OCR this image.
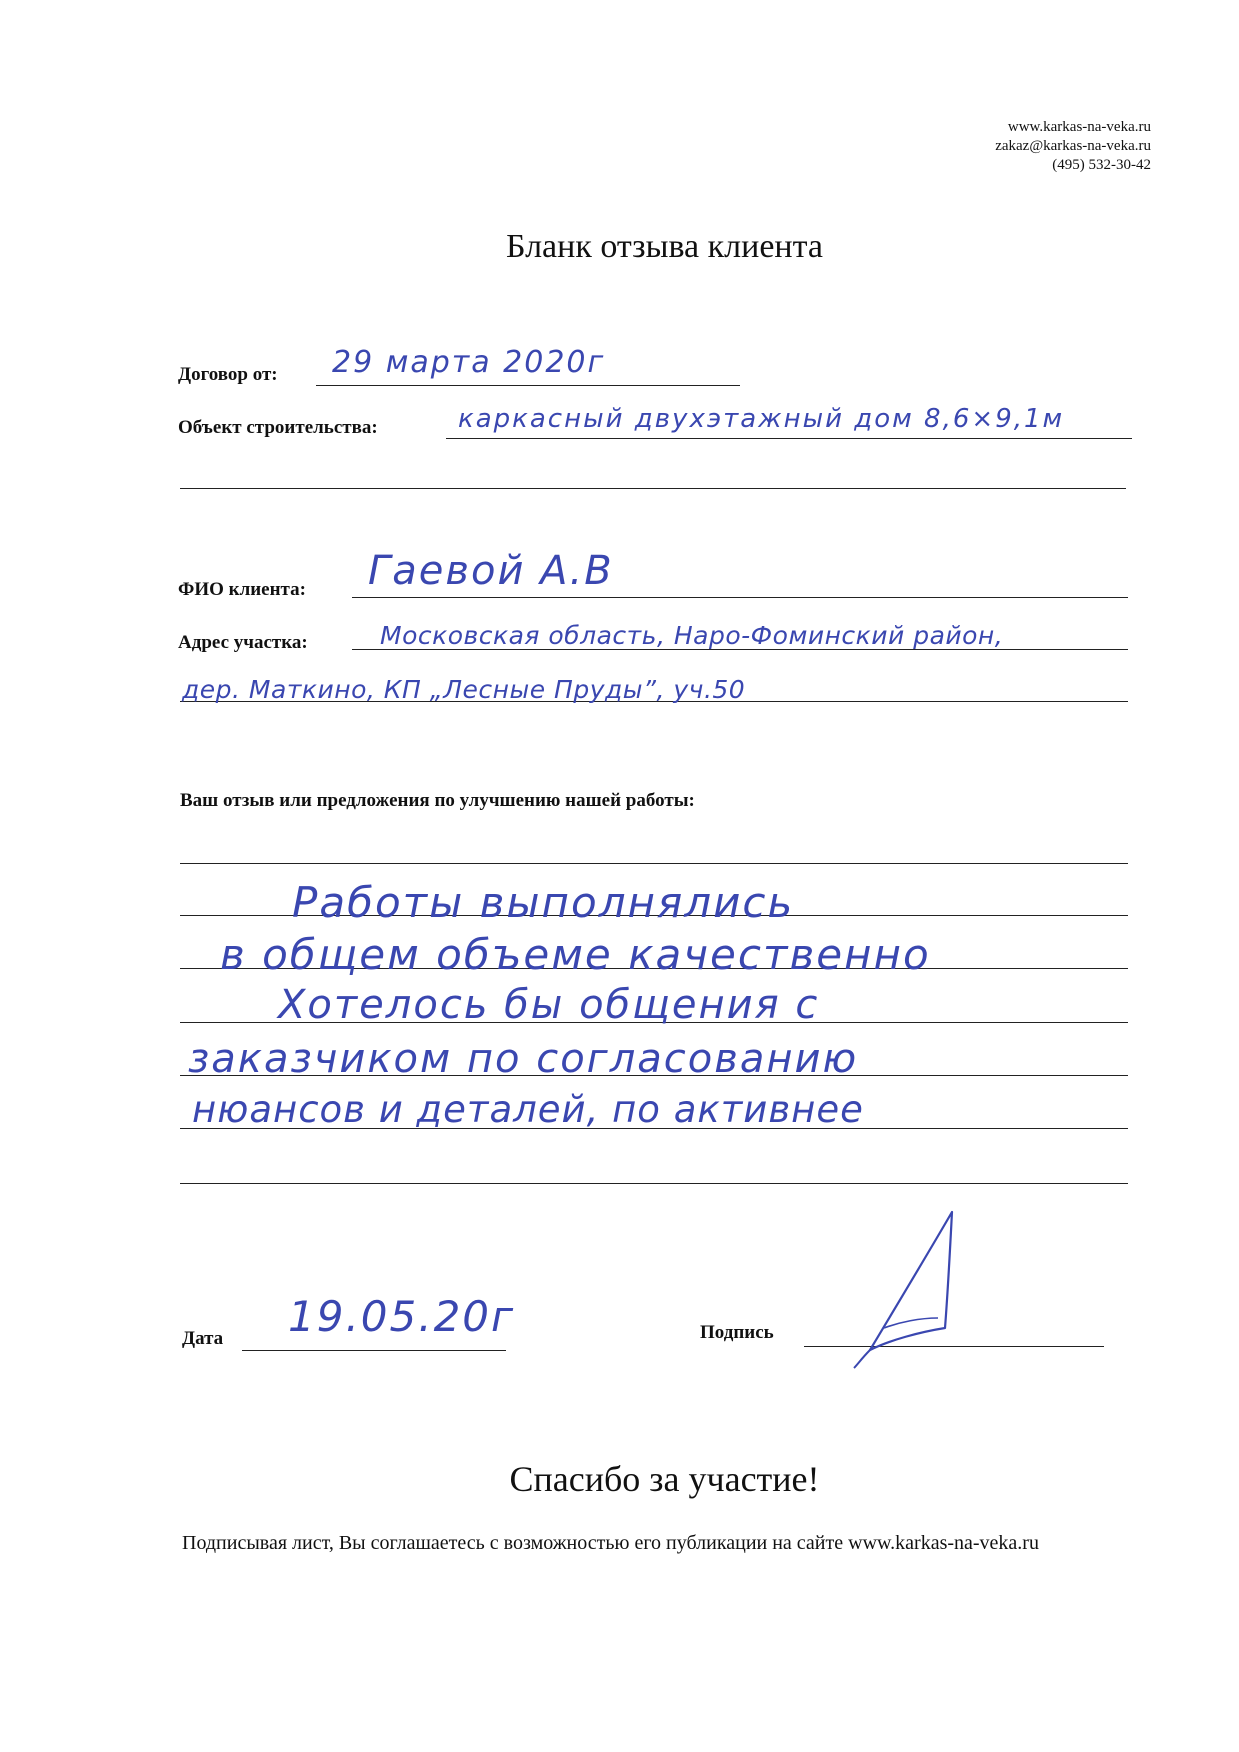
www.karkas-na-veka.ru
zakaz@karkas-na-veka.ru
(495) 532-30-42
Бланк отзыва клиента
Договор от: 29 марта 2020г
Объект строительства:	каркасный двухэтажный дом 8,6×9,1м
ФИО клиента: Гаевой А.В
Адрес участка:	Московская область, Наро-Фоминский район,
дер. Маткино, КП „Лесные Пруды”, уч.50
Ваш отзыв или предложения по улучшению нашей работы:
Работы выполнялись
в общем объеме качественно
Хотелось бы общения с
заказчиком по согласованию
нюансов и деталей, по активнее
Дата 19.05.20г	Подпись
Спасибо за участие!
Подписывая лист, Вы соглашаетесь с возможностью его публикации на сайте www.karkas-na-veka.ru
